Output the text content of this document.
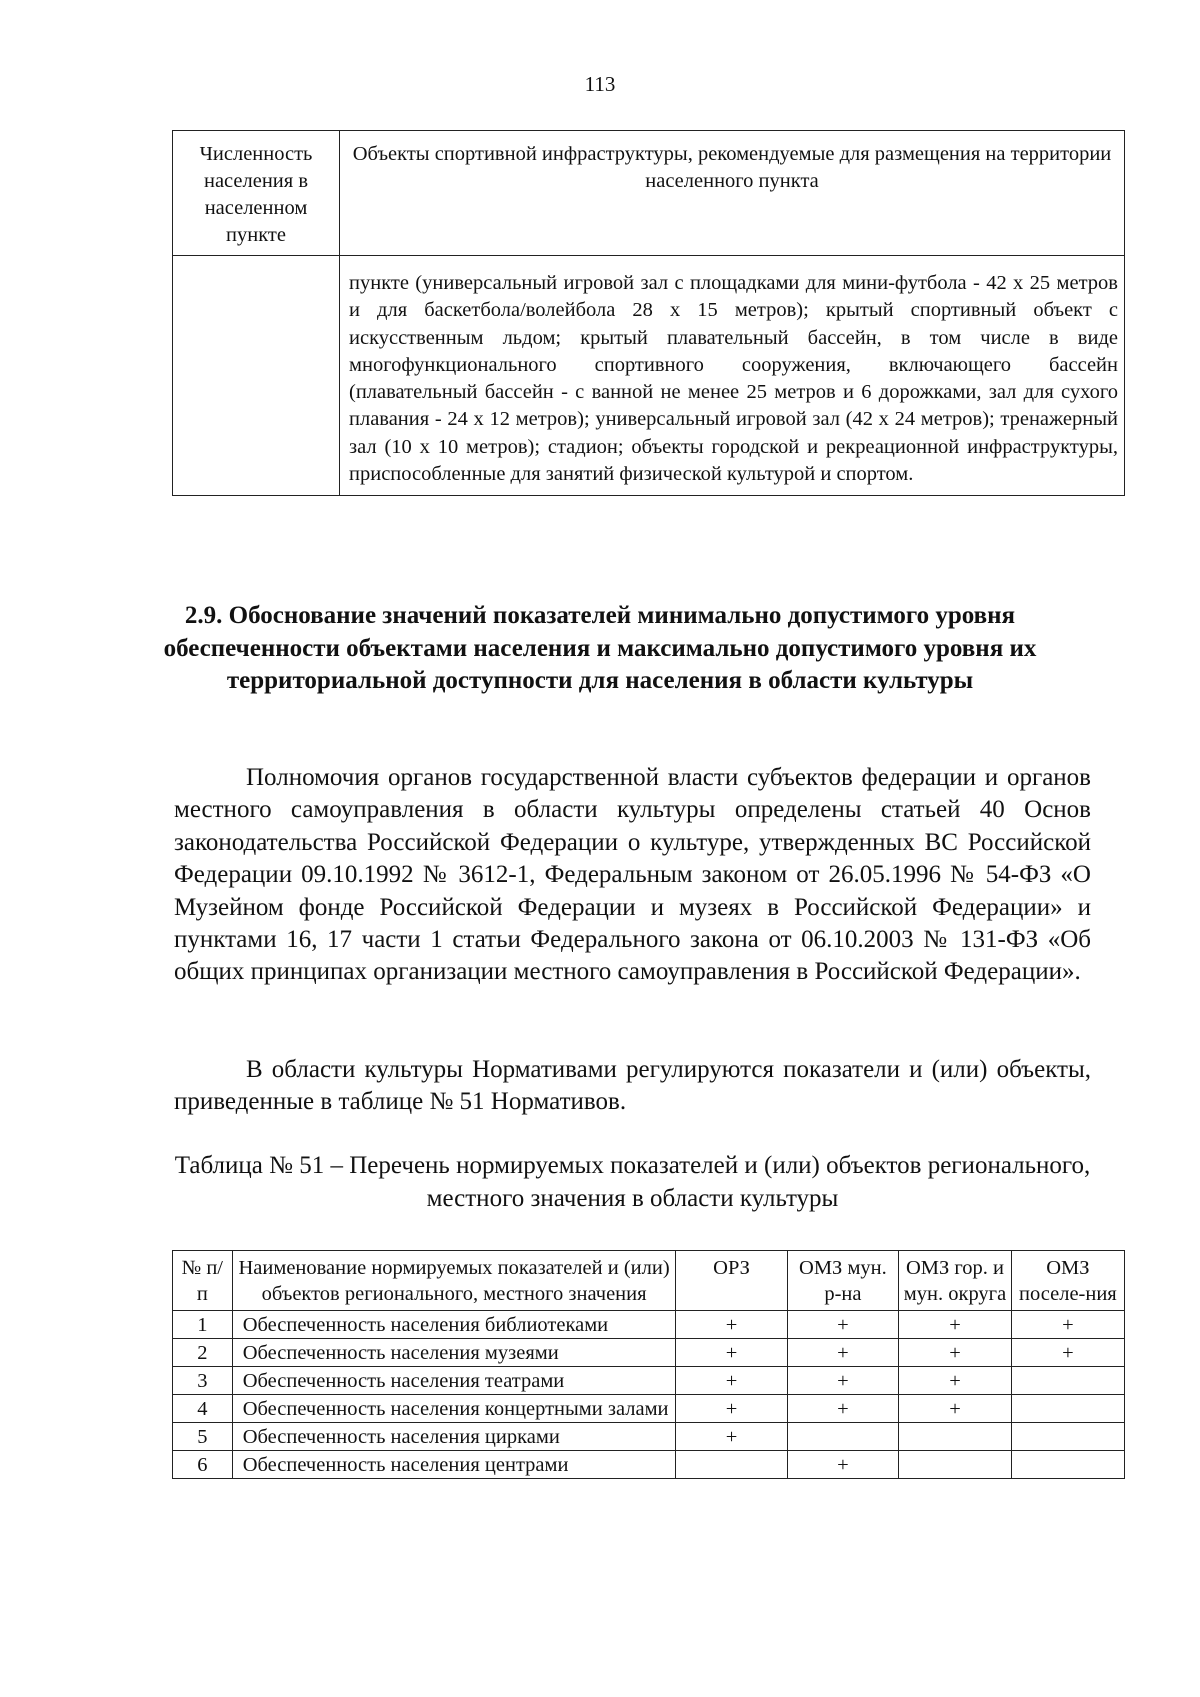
113
Численность населения в населенном пункте	Объекты спортивной инфраструктуры, рекомендуемые для размещения на территории населенного пункта
	пункте (универсальный игровой зал с площадками для мини-футбола - 42 х 25 метров и для баскетбола/волейбола 28 х 15 метров); крытый спортивный объект с искусственным льдом; крытый плавательный бассейн, в том числе в виде многофункционального спортивного сооружения, включающего бассейн (плавательный бассейн - с ванной не менее 25 метров и 6 дорожками, зал для сухого плавания - 24 х 12 метров); универсальный игровой зал (42 х 24 метров); тренажерный зал (10 х 10 метров); стадион; объекты городской и рекреационной инфраструктуры, приспособленные для занятий физической культурой и спортом.
2.9. Обоснование значений показателей минимально допустимого уровня обеспеченности объектами населения и максимально допустимого уровня их территориальной доступности для населения в области культуры

Полномочия органов государственной власти субъектов федерации и органов местного самоуправления в области культуры определены статьей 40 Основ законодательства Российской Федерации о культуре, утвержденных ВС Российской Федерации 09.10.1992 № 3612-1, Федеральным законом от 26.05.1996 № 54-ФЗ «О Музейном фонде Российской Федерации и музеях в Российской Федерации» и пунктами 16, 17 части 1 статьи Федерального закона от 06.10.2003 № 131-ФЗ «Об общих принципах организации местного самоуправления в Российской Федерации».

В области культуры Нормативами регулируются показатели и (или) объекты, приведенные в таблице № 51 Нормативов.

Таблица № 51 – Перечень нормируемых показателей и (или) объектов регионального, местного значения в области культуры

№ п/п	Наименование нормируемых показателей и (или) объектов регионального, местного значения	ОРЗ	ОМЗ мун. р-на	ОМЗ гор. и мун. округа	ОМЗ поселе-ния
1	Обеспеченность населения библиотеками	+	+	+	+
2	Обеспеченность населения музеями	+	+	+	+
3	Обеспеченность населения театрами	+	+	+	
4	Обеспеченность населения концертными залами	+	+	+	
5	Обеспеченность населения цирками	+			
6	Обеспеченность населения центрами		+		
